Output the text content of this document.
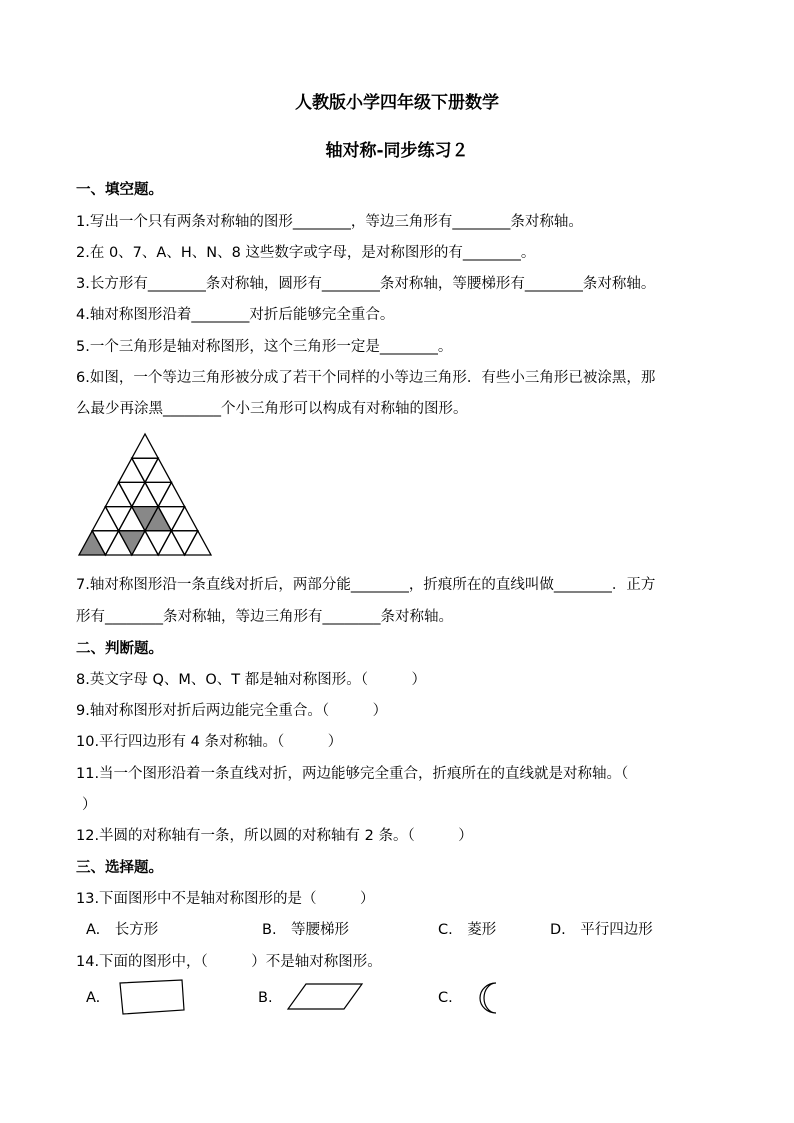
人教版小学四年级下册数学
轴对称-同步练习２
一、填空题。
1.写出一个只有两条对称轴的图形________，等边三角形有________条对称轴。
2.在 0、7、A、H、N、8 这些数字或字母，是对称图形的有________。
3.长方形有________条对称轴，圆形有________条对称轴，等腰梯形有________条对称轴。
4.轴对称图形沿着________对折后能够完全重合。
5.一个三角形是轴对称图形，这个三角形一定是________。
6.如图，一个等边三角形被分成了若干个同样的小等边三角形．有些小三角形已被涂黑，那
么最少再涂黑________个小三角形可以构成有对称轴的图形。
7.轴对称图形沿一条直线对折后，两部分能________，折痕所在的直线叫做________．正方
形有________条对称轴，等边三角形有________条对称轴。
二、判断题。
8.英文字母 Q、M、O、T 都是轴对称图形。（　　　）
9.轴对称图形对折后两边能完全重合。（　　　）
10.平行四边形有 4 条对称轴。（　　　）
11.当一个图形沿着一条直线对折，两边能够完全重合，折痕所在的直线就是对称轴。（
）
12.半圆的对称轴有一条，所以圆的对称轴有 2 条。（　　　）
三、选择题。
13.下面图形中不是轴对称图形的是（　　　）
A.　长方形	B.　等腰梯形	C.　菱形	D.　平行四边形
14.下面的图形中，（　　　）不是轴对称图形。
A.	B.	C.
